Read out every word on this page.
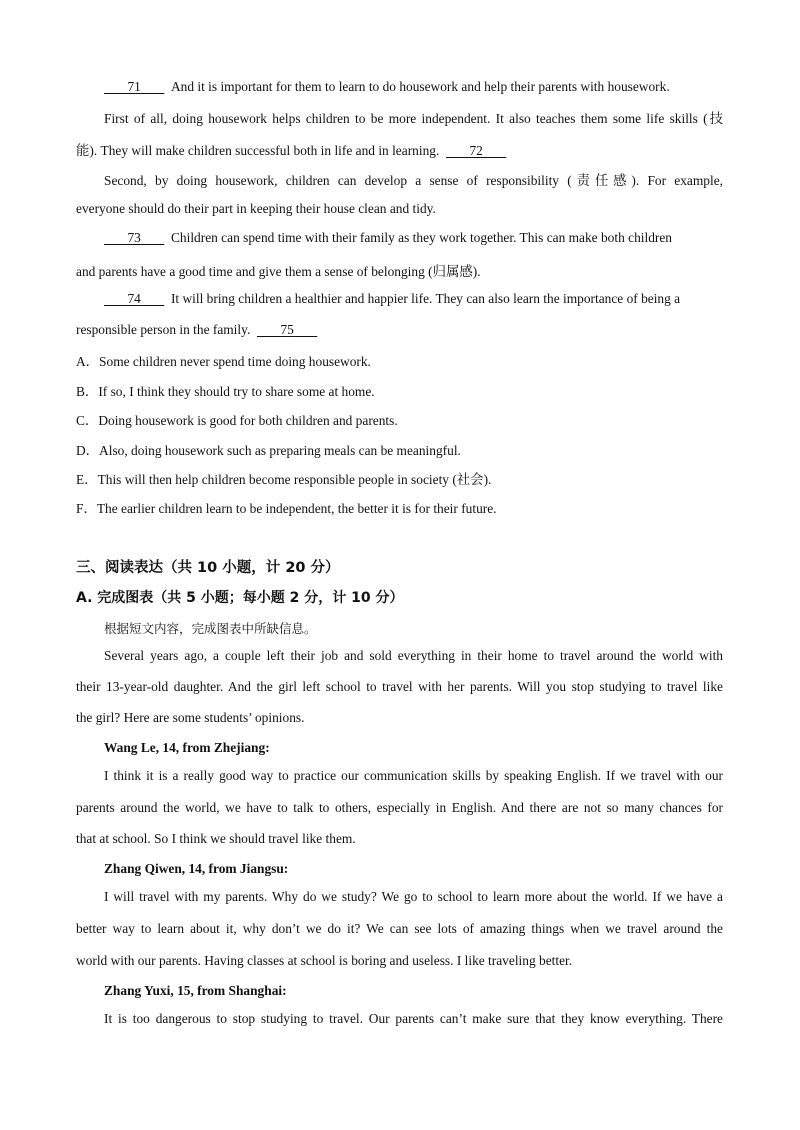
71 And it is important for them to learn to do housework and help their parents with housework.
First of all, doing housework helps children to be more independent. It also teaches them some life skills (技
能). They will make children successful both in life and in learning. 72
Second, by doing housework, children can develop a sense of responsibility (责任感). For example,
everyone should do their part in keeping their house clean and tidy.
73 Children can spend time with their family as they work together. This can make both children
and parents have a good time and give them a sense of belonging (归属感).
74 It will bring children a healthier and happier life. They can also learn the importance of being a
responsible person in the family. 75
A．Some children never spend time doing housework.
B．If so, I think they should try to share some at home.
C．Doing housework is good for both children and parents.
D．Also, doing housework such as preparing meals can be meaningful.
E．This will then help children become responsible people in society (社会).
F．The earlier children learn to be independent, the better it is for their future.
三、阅读表达（共 10 小题，计 20 分）
A. 完成图表（共 5 小题；每小题 2 分，计 10 分）
根据短文内容，完成图表中所缺信息。
Several years ago, a couple left their job and sold everything in their home to travel around the world with
their 13-year-old daughter. And the girl left school to travel with her parents. Will you stop studying to travel like
the girl? Here are some students’ opinions.
Wang Le, 14, from Zhejiang:
I think it is a really good way to practice our communication skills by speaking English. If we travel with our
parents around the world, we have to talk to others, especially in English. And there are not so many chances for
that at school. So I think we should travel like them.
Zhang Qiwen, 14, from Jiangsu:
I will travel with my parents. Why do we study? We go to school to learn more about the world. If we have a
better way to learn about it, why don’t we do it? We can see lots of amazing things when we travel around the
world with our parents. Having classes at school is boring and useless. I like traveling better.
Zhang Yuxi, 15, from Shanghai:
It is too dangerous to stop studying to travel. Our parents can’t make sure that they know everything. There
